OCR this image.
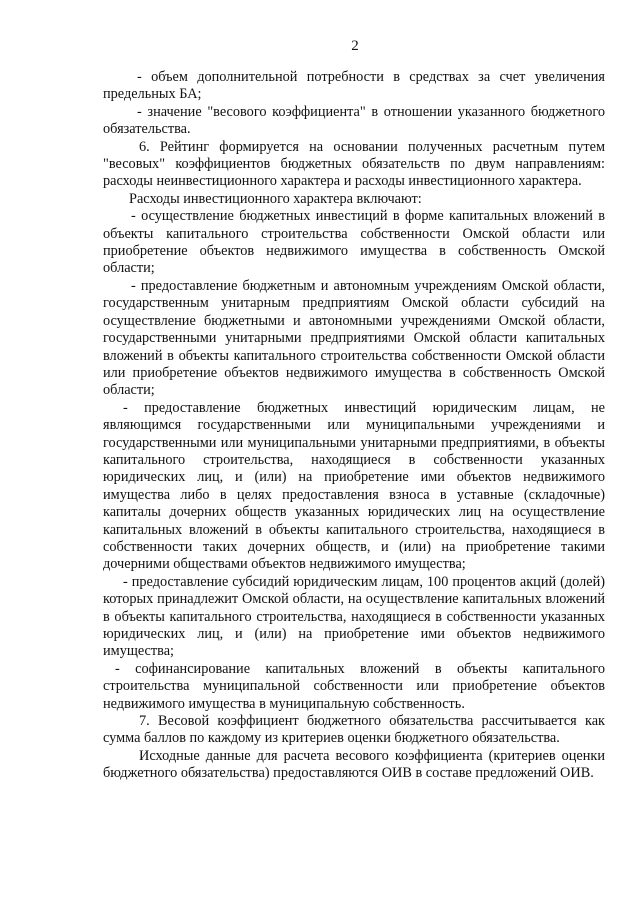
2

- объем дополнительной потребности в средствах за счет увеличения предельных БА;

- значение "весового коэффициента" в отношении указанного бюджетного обязательства.

6. Рейтинг формируется на основании полученных расчетным путем "весовых" коэффициентов бюджетных обязательств по двум направлениям: расходы неинвестиционного характера и расходы инвестиционного характера.

Расходы инвестиционного характера включают:

- осуществление бюджетных инвестиций в форме капитальных вложений в объекты капитального строительства собственности Омской области или приобретение объектов недвижимого имущества в собственность Омской области;

- предоставление бюджетным и автономным учреждениям Омской области, государственным унитарным предприятиям Омской области субсидий на осуществление бюджетными и автономными учреждениями Омской области, государственными унитарными предприятиями Омской области капитальных вложений в объекты капитального строительства собственности Омской области или приобретение объектов недвижимого имущества в собственность Омской области;

- предоставление бюджетных инвестиций юридическим лицам, не являющимся государственными или муниципальными учреждениями и государственными или муниципальными унитарными предприятиями, в объекты капитального строительства, находящиеся в собственности указанных юридических лиц, и (или) на приобретение ими объектов недвижимого имущества либо в целях предоставления взноса в уставные (складочные) капиталы дочерних обществ указанных юридических лиц на осуществление капитальных вложений в объекты капитального строительства, находящиеся в собственности таких дочерних обществ, и (или) на приобретение такими дочерними обществами объектов недвижимого имущества;

- предоставление субсидий юридическим лицам, 100 процентов акций (долей) которых принадлежит Омской области, на осуществление капитальных вложений в объекты капитального строительства, находящиеся в собственности указанных юридических лиц, и (или) на приобретение ими объектов недвижимого имущества;

- софинансирование капитальных вложений в объекты капитального строительства муниципальной собственности или приобретение объектов недвижимого имущества в муниципальную собственность.

7. Весовой коэффициент бюджетного обязательства рассчитывается как сумма баллов по каждому из критериев оценки бюджетного обязательства.

Исходные данные для расчета весового коэффициента (критериев оценки бюджетного обязательства) предоставляются ОИВ в составе предложений ОИВ.
